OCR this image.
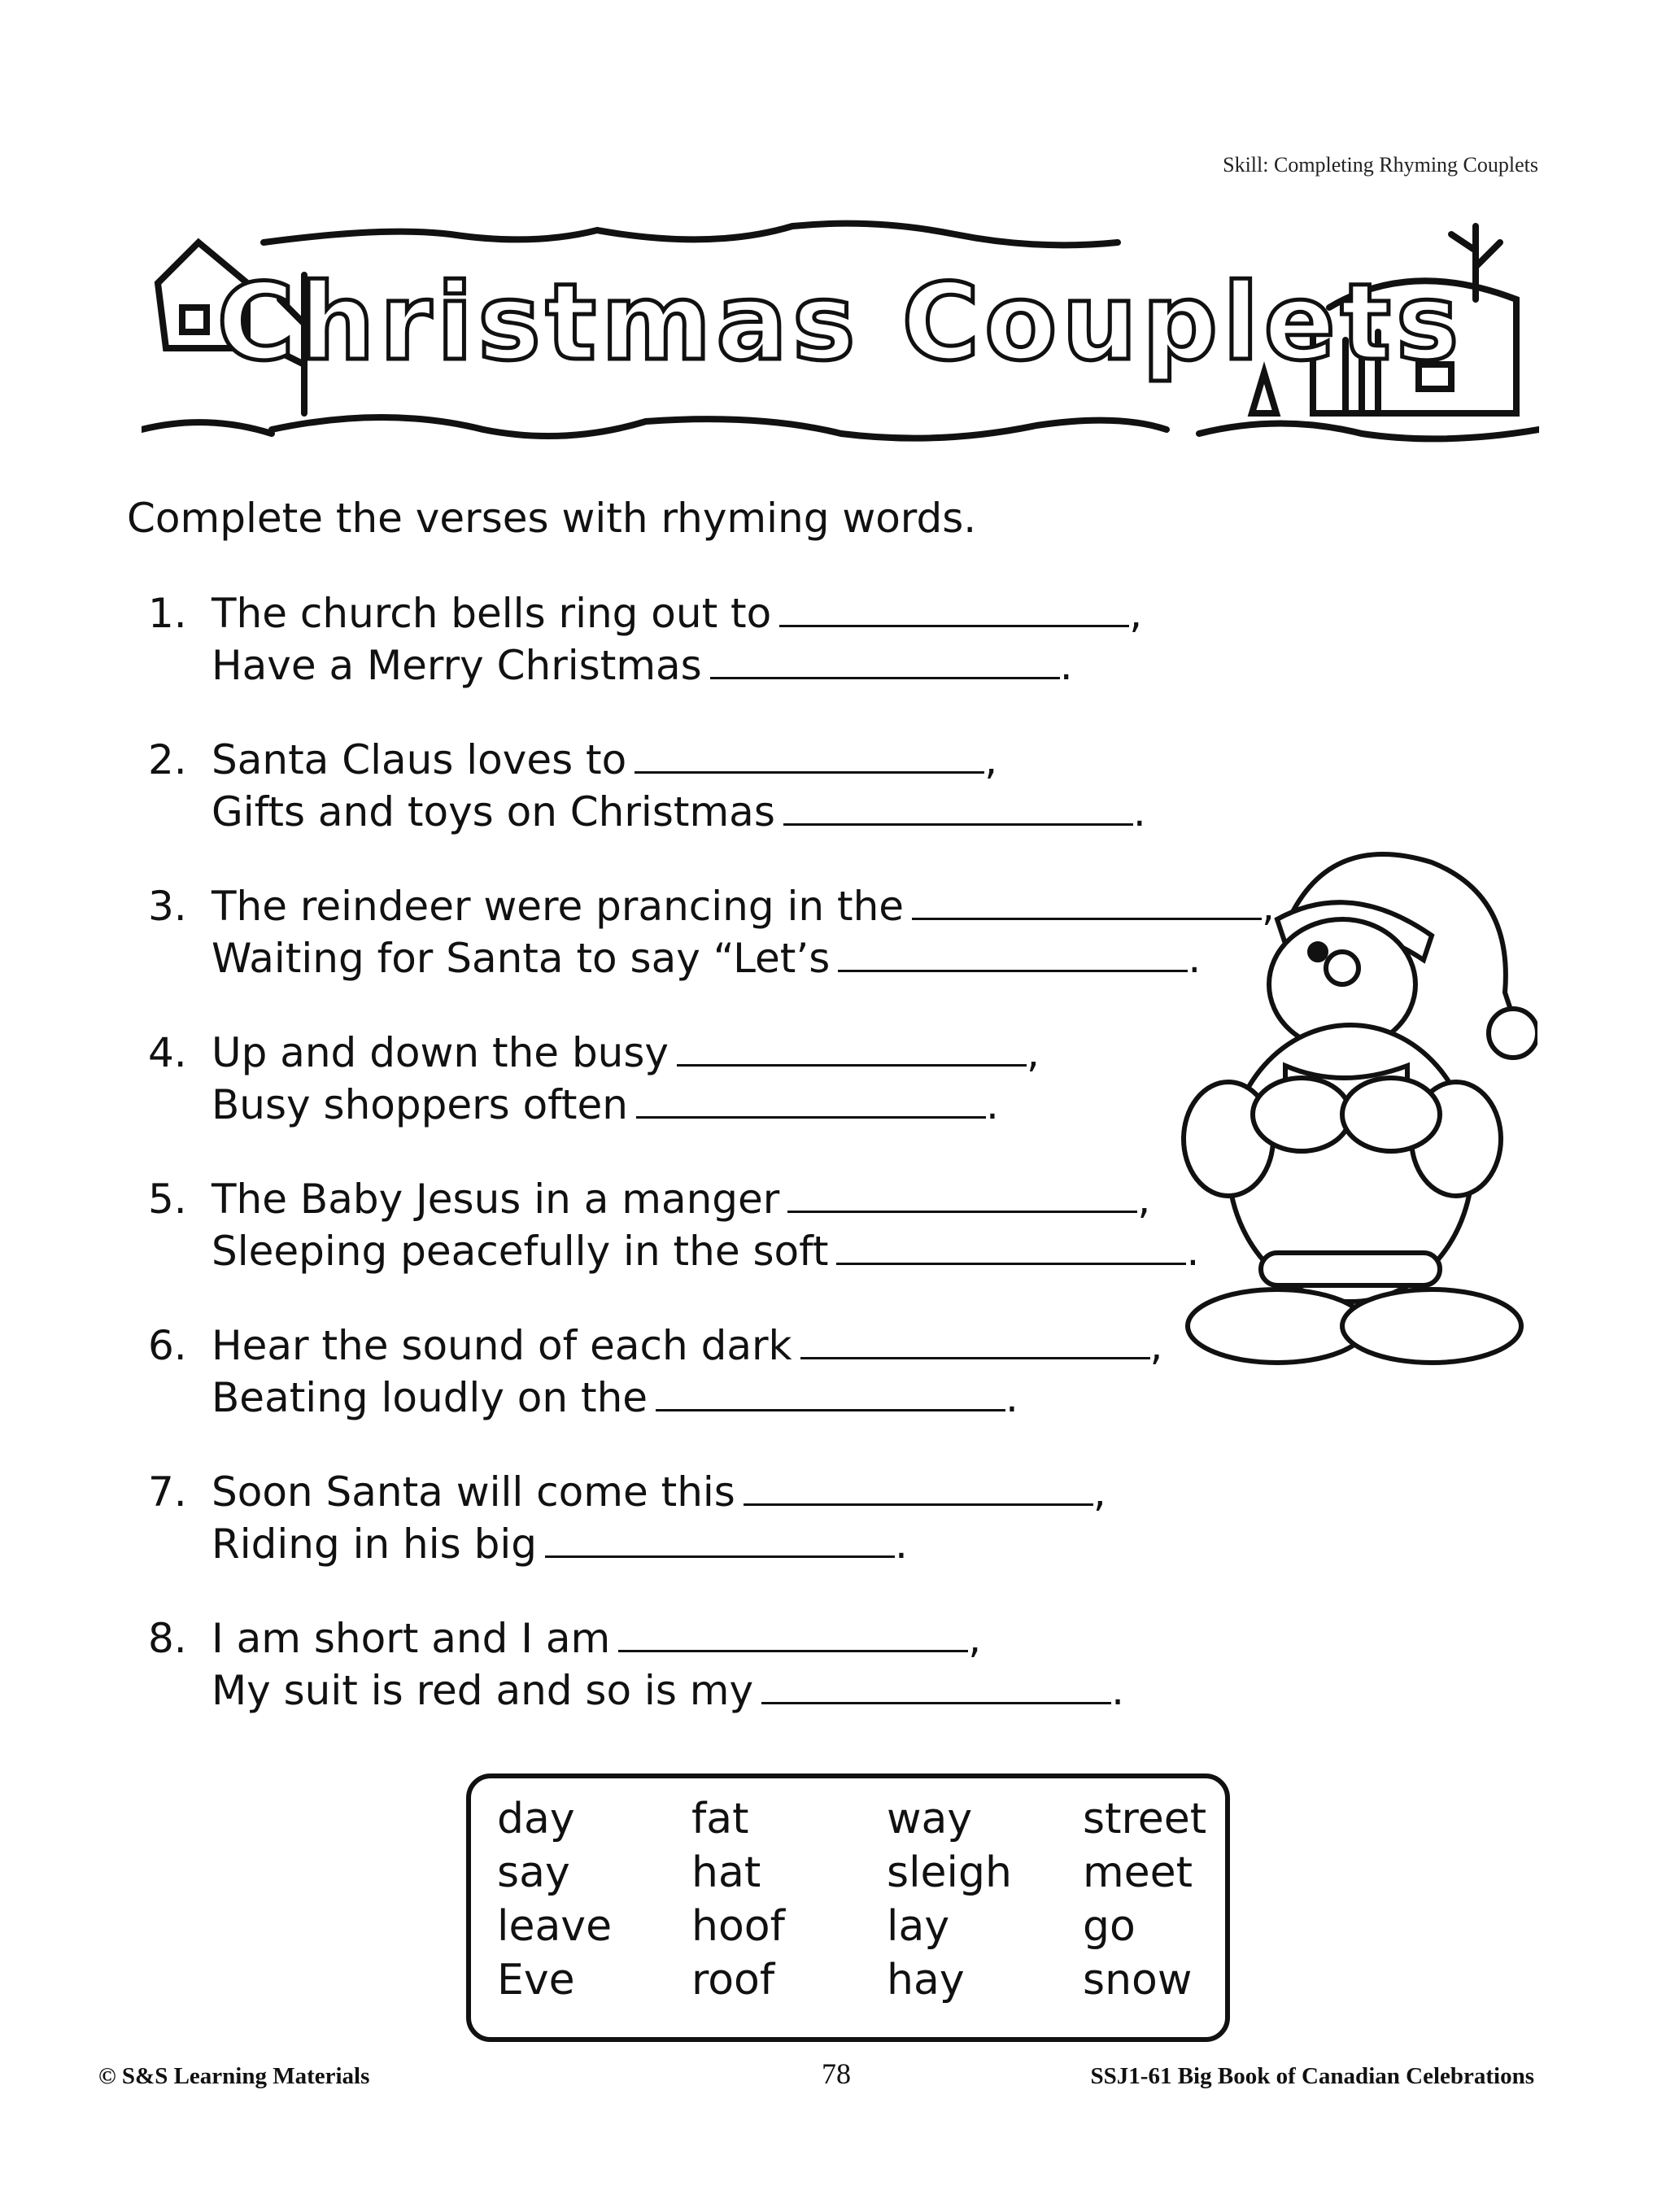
Skill: Completing Rhyming Couplets
Christmas Couplets
Complete the verses with rhyming words.
1. The church bells ring out to	,
Have a Merry Christmas	.
2. Santa Claus loves to	,
Gifts and toys on Christmas	.
3. The reindeer were prancing in the	,
Waiting for Santa to say “Let’s	.
4. Up and down the busy	,
Busy shoppers often	.
5. The Baby Jesus in a manger	,
Sleeping peacefully in the soft	.
6. Hear the sound of each dark	,
Beating loudly on the	.
7. Soon Santa will come this	,
Riding in his big	.
8. I am short and I am	,
My suit is red and so is my	.
day	fat	way	street
say	hat	sleigh meet
leave hoof lay	go
Eve	roof	hay	snow
© S&S Learning Materials	78	SSJ1-61 Big Book of Canadian Celebrations
